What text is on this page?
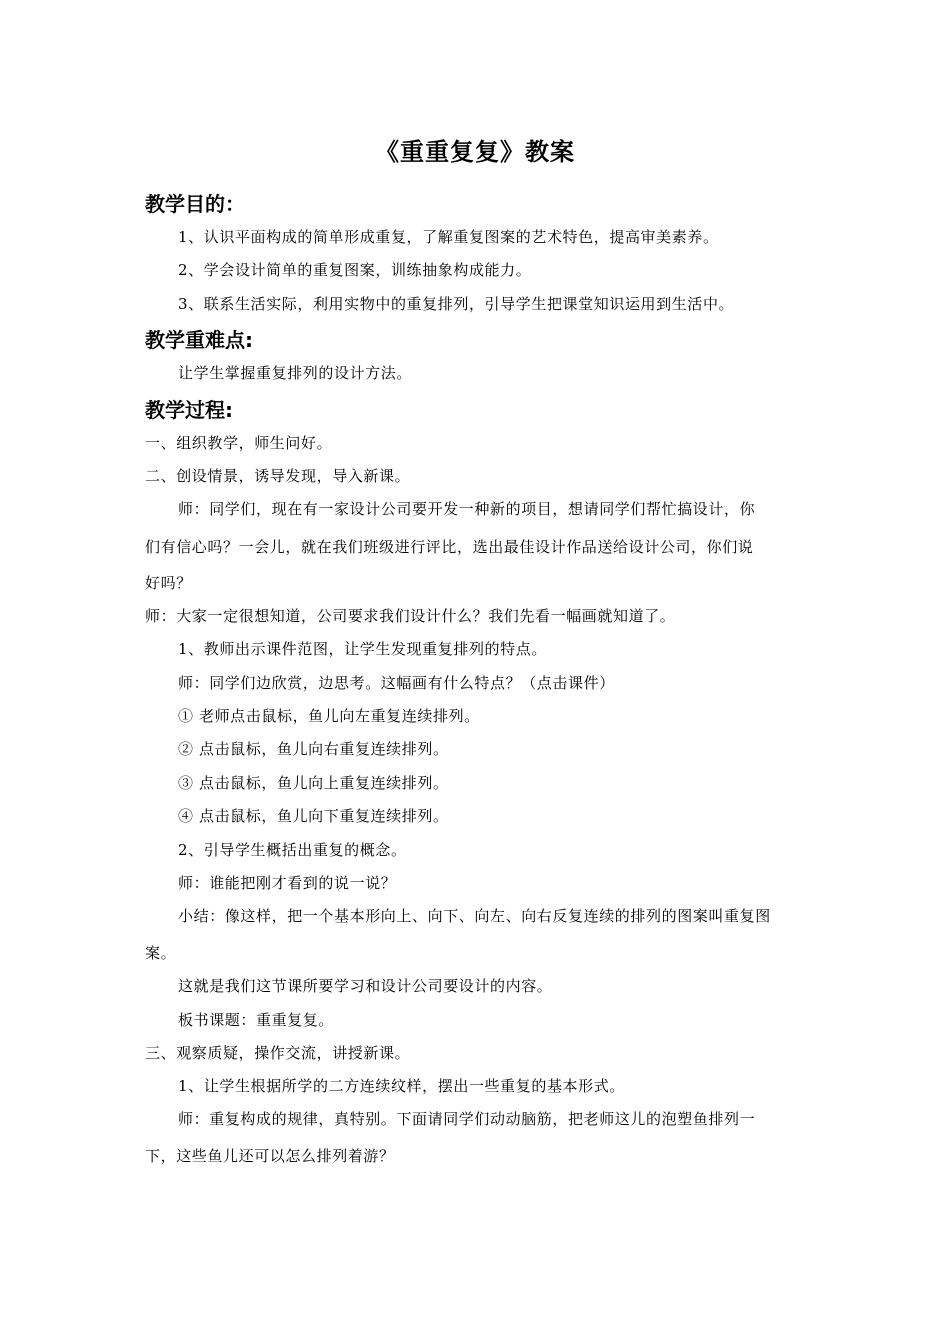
《重重复复》教案
教学目的：
1、认识平面构成的简单形成重复，了解重复图案的艺术特色，提高审美素养。
2、学会设计简单的重复图案，训练抽象构成能力。
3、联系生活实际，利用实物中的重复排列，引导学生把课堂知识运用到生活中。
教学重难点:
让学生掌握重复排列的设计方法。
教学过程:
一、组织教学，师生问好。
二、创设情景，诱导发现，导入新课。
师：同学们，现在有一家设计公司要开发一种新的项目，想请同学们帮忙搞设计，你
们有信心吗？一会儿，就在我们班级进行评比，选出最佳设计作品送给设计公司，你们说
好吗？
师：大家一定很想知道，公司要求我们设计什么？我们先看一幅画就知道了。
1、教师出示课件范图，让学生发现重复排列的特点。
师：同学们边欣赏，边思考。这幅画有什么特点？（点击课件）
① 老师点击鼠标，鱼儿向左重复连续排列。
② 点击鼠标，鱼儿向右重复连续排列。
③ 点击鼠标，鱼儿向上重复连续排列。
④ 点击鼠标，鱼儿向下重复连续排列。
2、引导学生概括出重复的概念。
师：谁能把刚才看到的说一说？
小结：像这样，把一个基本形向上、向下、向左、向右反复连续的排列的图案叫重复图
案。
这就是我们这节课所要学习和设计公司要设计的内容。
板书课题：重重复复。
三、观察质疑，操作交流，讲授新课。
1、让学生根据所学的二方连续纹样，摆出一些重复的基本形式。
师：重复构成的规律，真特别。下面请同学们动动脑筋，把老师这儿的泡塑鱼排列一
下，这些鱼儿还可以怎么排列着游？
